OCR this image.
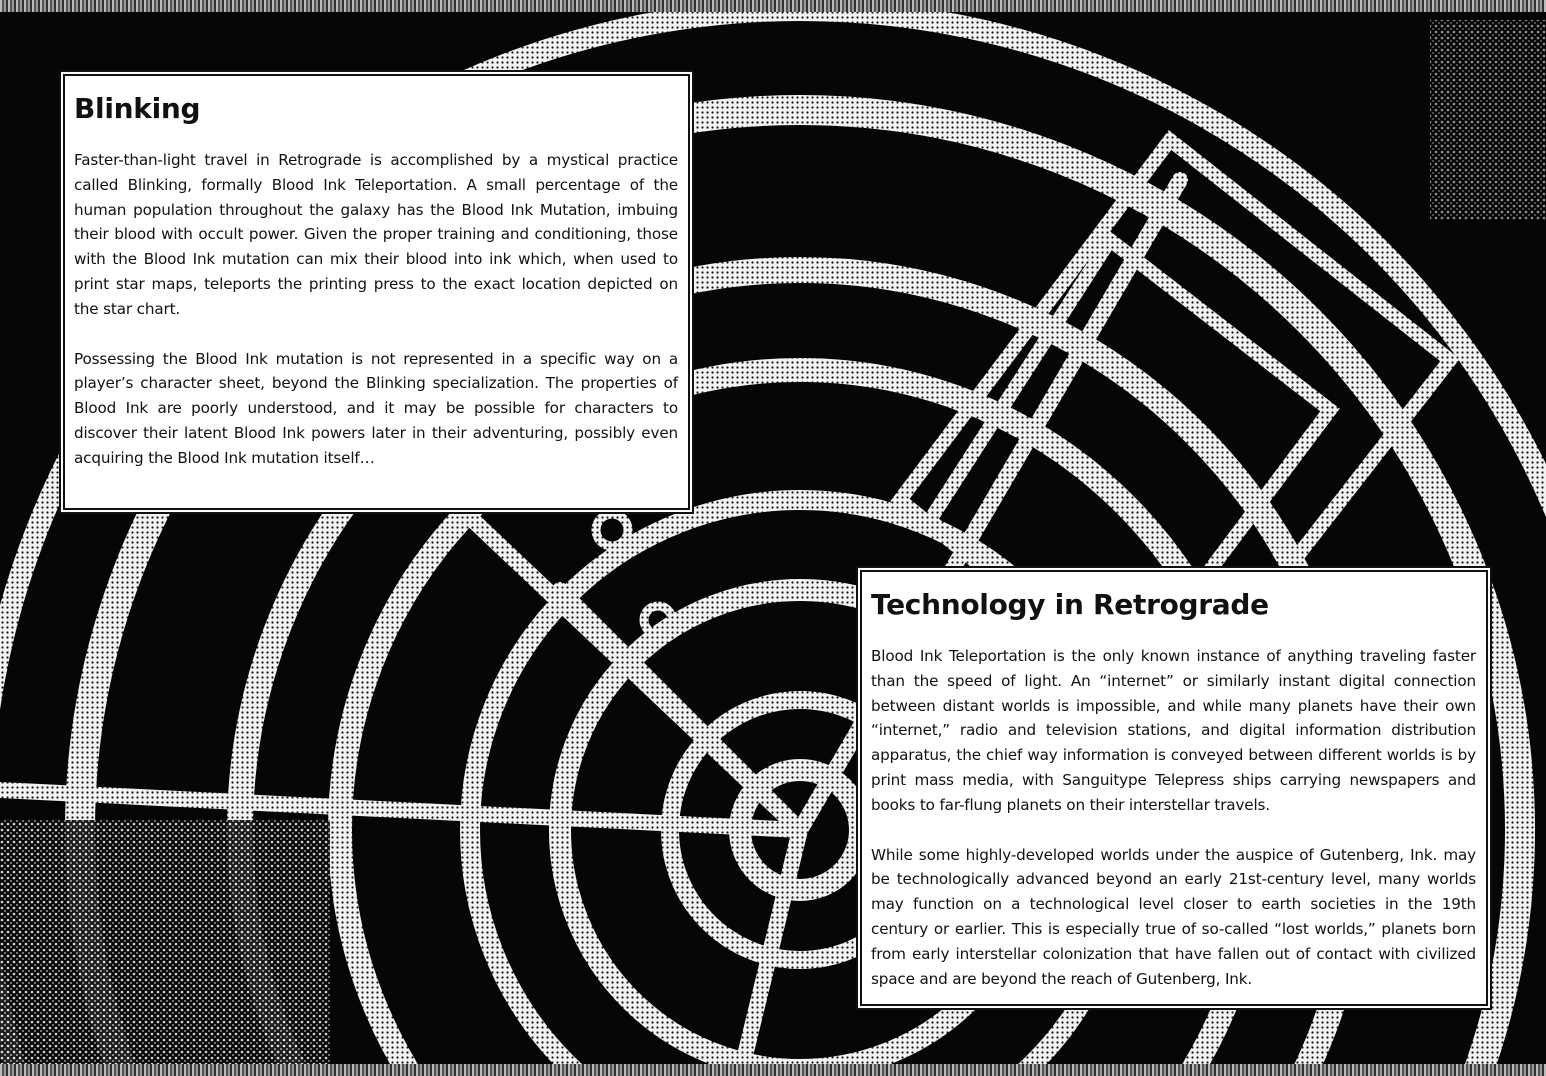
Blinking

Faster-than-light travel in Retrograde is accomplished by a mystical practice called Blinking, formally Blood Ink Teleportation. A small percentage of the human population throughout the galaxy has the Blood Ink Mutation, imbuing their blood with occult power. Given the proper training and conditioning, those with the Blood Ink mutation can mix their blood into ink which, when used to print star maps, teleports the printing press to the exact location depicted on the star chart.

Possessing the Blood Ink mutation is not represented in a specific way on a player’s character sheet, beyond the Blinking specialization. The properties of Blood Ink are poorly understood, and it may be possible for characters to discover their latent Blood Ink powers later in their adventuring, possibly even acquiring the Blood Ink mutation itself…

Technology in Retrograde

Blood Ink Teleportation is the only known instance of anything traveling faster than the speed of light. An “internet” or similarly instant digital connection between distant worlds is impossible, and while many planets have their own “internet,” radio and television stations, and digital information distribution apparatus, the chief way information is conveyed between different worlds is by print mass media, with Sanguitype Telepress ships carrying newspapers and books to far-flung planets on their interstellar travels.

While some highly-developed worlds under the auspice of Gutenberg, Ink. may be technologically advanced beyond an early 21st-century level, many worlds may function on a technological level closer to earth societies in the 19th century or earlier. This is especially true of so-called “lost worlds,” planets born from early interstellar colonization that have fallen out of contact with civilized space and are beyond the reach of Gutenberg, Ink.
